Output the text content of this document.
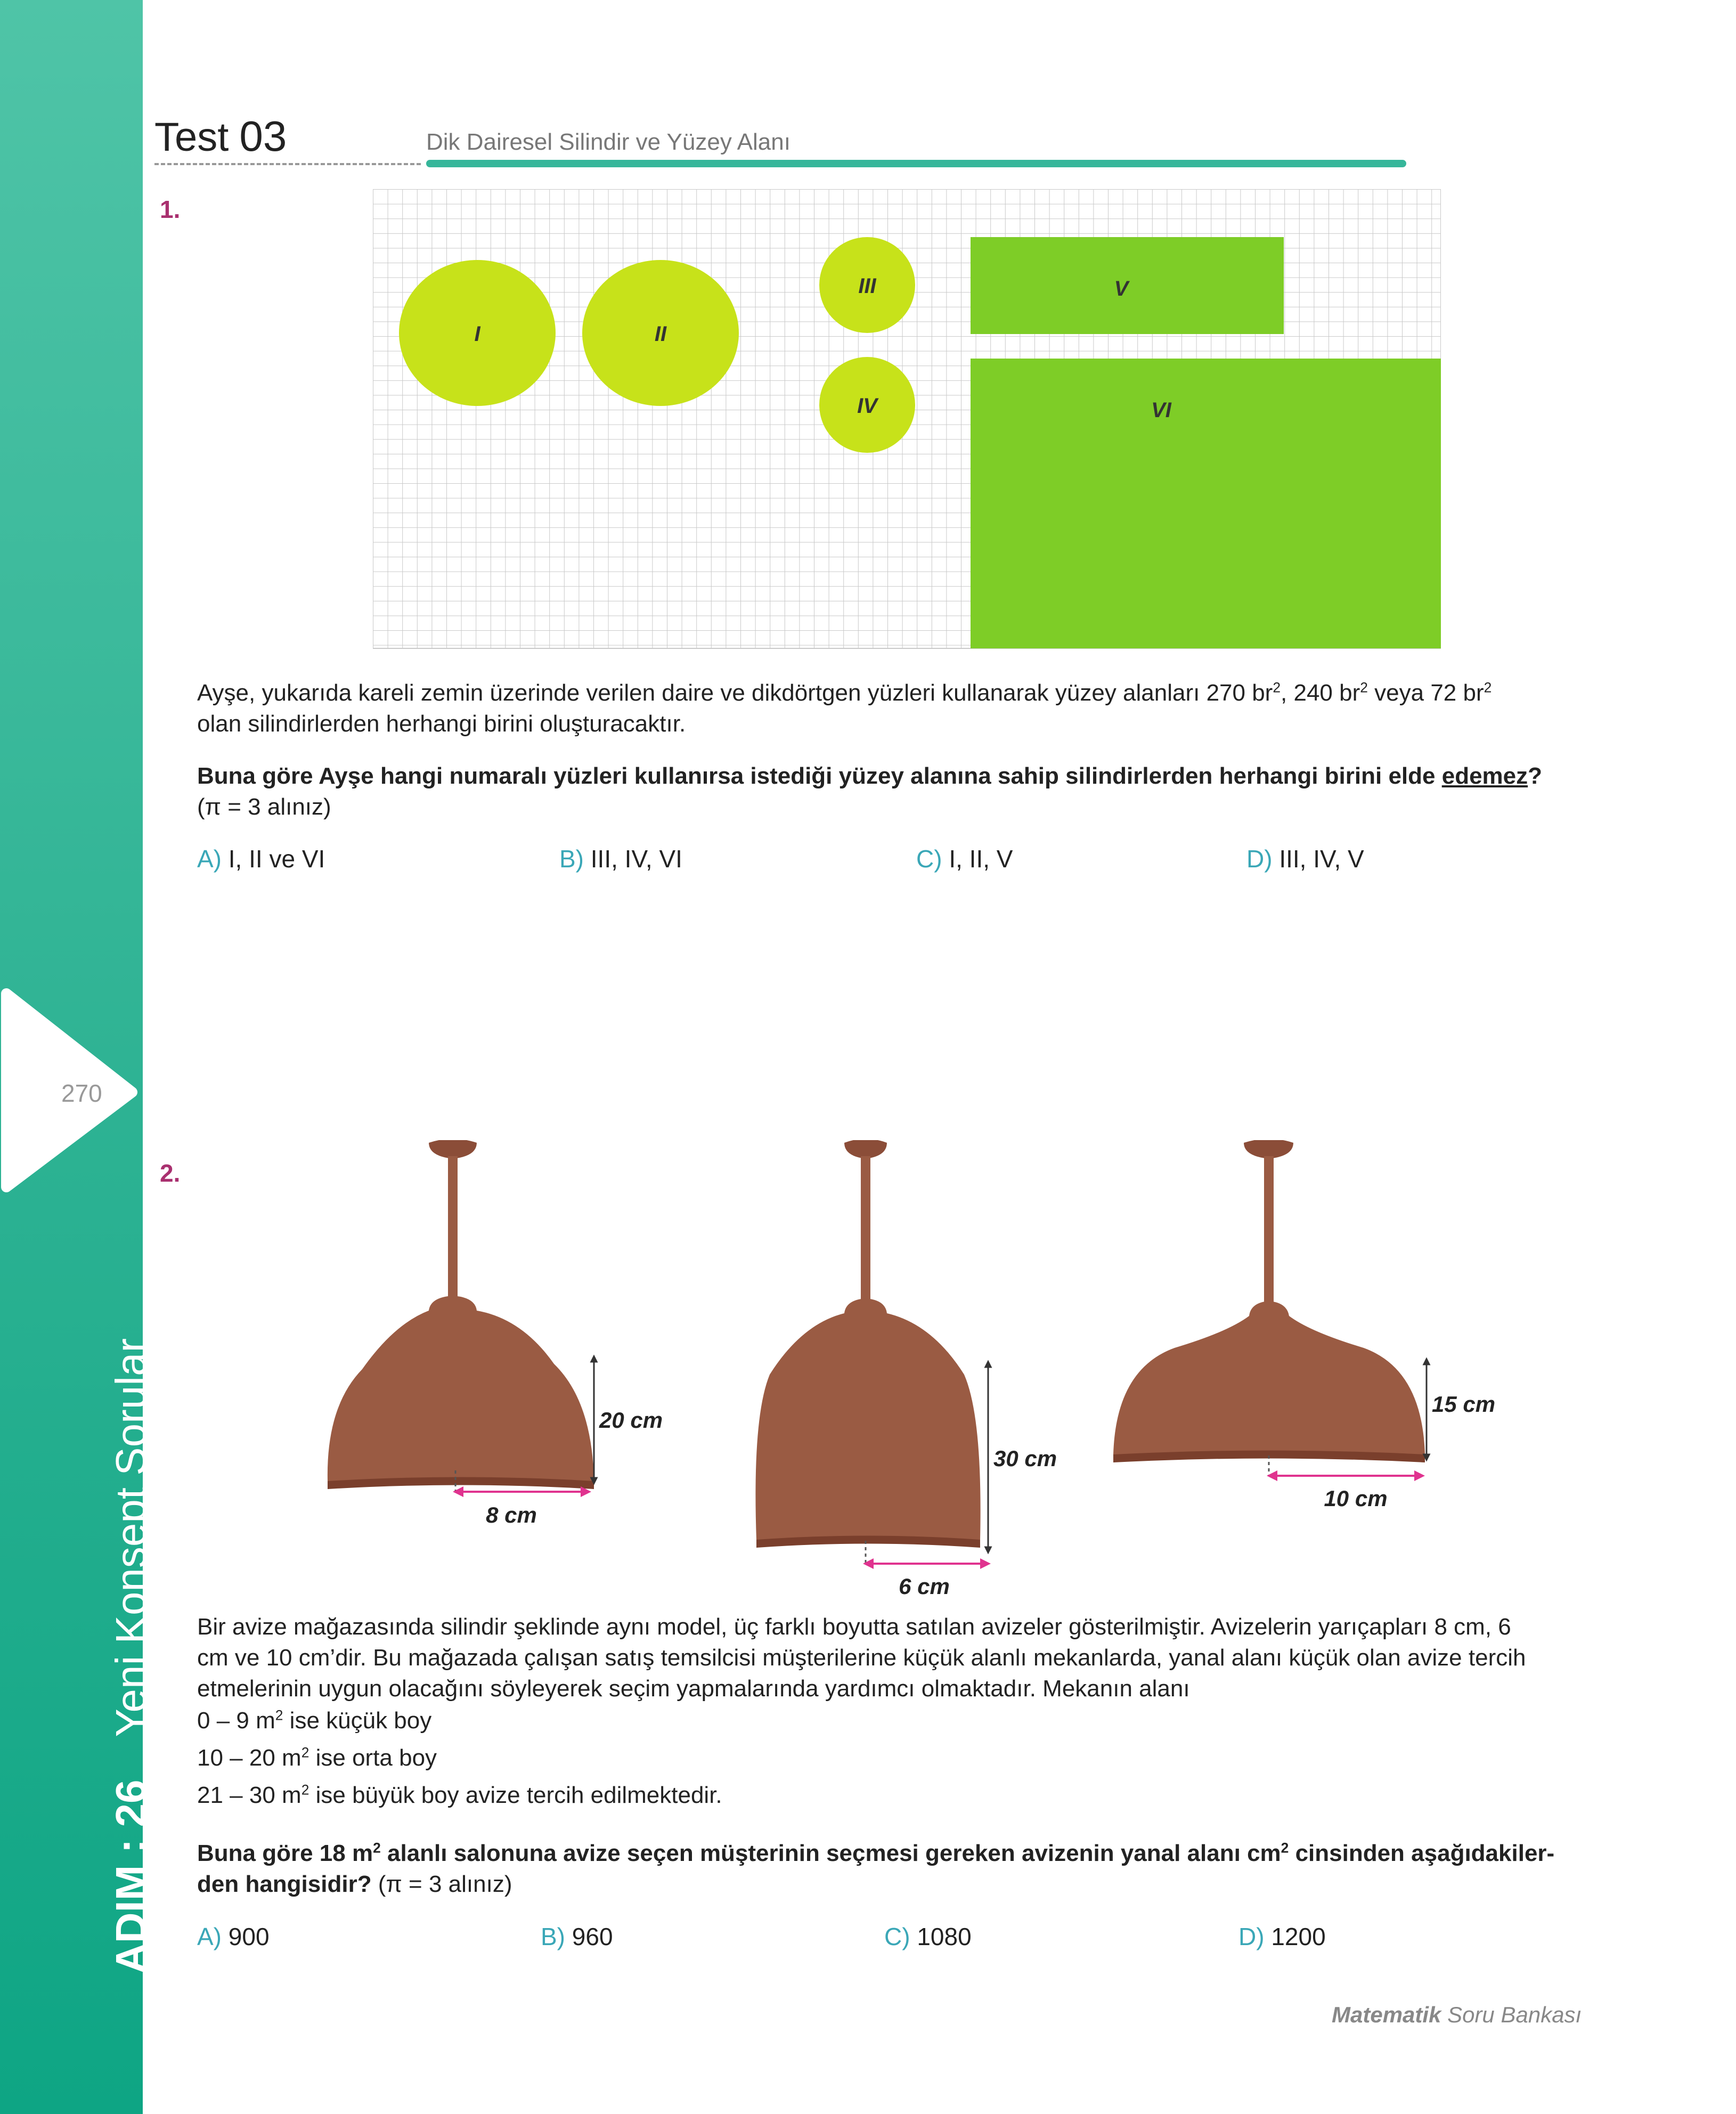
270
ADIM : 26Yeni Konsept Sorular
Test 03	Dik Dairesel Silindir ve Yüzey Alanı
1.
I	II
III
IV
V
VI
Ayşe, yukarıda kareli zemin üzerinde verilen daire ve dikdörtgen yüzleri kullanarak yüzey alanları 270 $br^2$, 240 $br^2$ veya 72 $br^2$
olan silindirlerden herhangi birini oluşturacaktır.
Buna göre Ayşe hangi numaralı yüzleri kullanırsa istediği yüzey alanına sahip silindirlerden herhangi birini elde edemez?
(π = 3 alınız)
A) I, II ve VI	B) III, IV, VI	C) I, II, V	D) III, IV, V
2.
20 cm
8 cm
30 cm
6 cm
15 cm
10 cm
Bir avize mağazasında silindir şeklinde aynı model, üç farklı boyutta satılan avizeler gösterilmiştir. Avizelerin yarıçapları 8 cm, 6
cm ve 10 cm’dir. Bu mağazada çalışan satış temsilcisi müşterilerine küçük alanlı mekanlarda, yanal alanı küçük olan avize tercih
etmelerinin uygun olacağını söyleyerek seçim yapmalarında yardımcı olmaktadır. Mekanın alanı
0 – 9 $m^2$ ise küçük boy
10 – 20 $m^2$ ise orta boy
21 – 30 $m^2$ ise büyük boy avize tercih edilmektedir.
Buna göre 18 $m^2$ alanlı salonuna avize seçen müşterinin seçmesi gereken avizenin yanal alanı $cm^2$ cinsinden aşağıdakiler-
den hangisidir? (π = 3 alınız)
A) 900	B) 960	C) 1080	D) 1200
Matematik Soru Bankası
